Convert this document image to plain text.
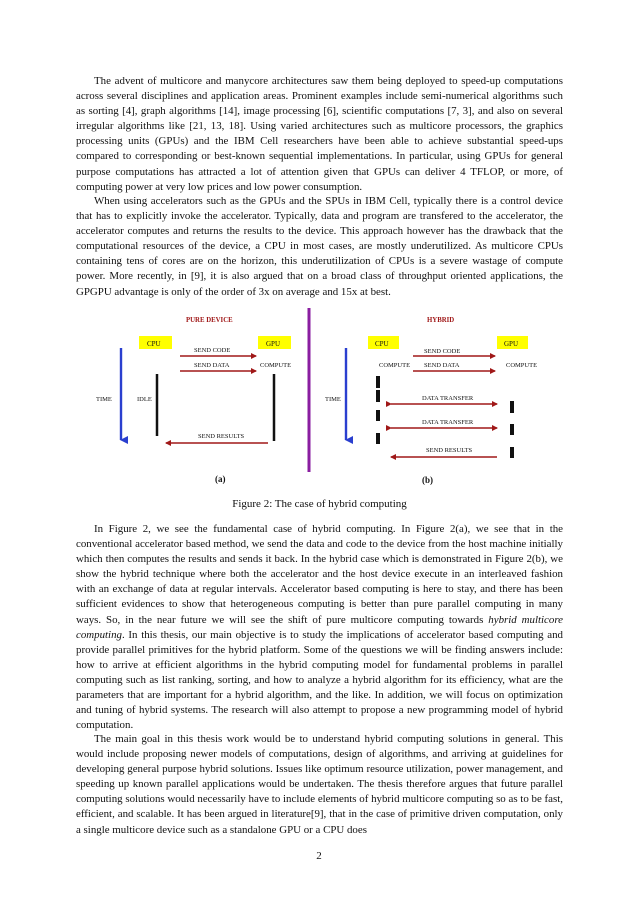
The advent of multicore and manycore architectures saw them being deployed to speed-up computations across several disciplines and application areas. Prominent examples include semi-numerical algorithms such as sorting [4], graph algorithms [14], image processing [6], scientific computations [7, 3], and also on several irregular algorithms like [21, 13, 18]. Using varied architectures such as multicore processors, the graphics processing units (GPUs) and the IBM Cell researchers have been able to achieve substantial speed-ups compared to corresponding or best-known sequential implementations. In particular, using GPUs for general purpose computations has attracted a lot of attention given that GPUs can deliver 4 TFLOP, or more, of computing power at very low prices and low power consumption.

When using accelerators such as the GPUs and the SPUs in IBM Cell, typically there is a control device that has to explicitly invoke the accelerator. Typically, data and program are transfered to the accelerator, the accelerator computes and returns the results to the device. This approach however has the drawback that the computational resources of the device, a CPU in most cases, are mostly underutilized. As multicore CPUs containing tens of cores are on the horizon, this underutilization of CPUs is a severe wastage of compute power. More recently, in [9], it is also argued that on a broad class of throughput oriented applications, the GPGPU advantage is only of the order of 3x on average and 15x at best.

PURE DEVICE
CPU	GPU
SEND CODE
SEND DATA	COMPUTE
TIME	IDLE
SEND RESULTS
(a)
HYBRID
CPU	GPU
SEND CODE
COMPUTE SEND DATA	COMPUTE
TIME	DATA TRANSFER
DATA TRANSFER
SEND RESULTS
(b)
Figure 2: The case of hybrid computing

In Figure 2, we see the fundamental case of hybrid computing. In Figure 2(a), we see that in the conventional accelerator based method, we send the data and code to the device from the host machine initially which then computes the results and sends it back. In the hybrid case which is demonstrated in Figure 2(b), we show the hybrid technique where both the accelerator and the host device execute in an interleaved fashion with an exchange of data at regular intervals. Accelerator based computing is here to stay, and there has been sufficient evidences to show that heterogeneous computing is better than pure parallel computing in many ways. So, in the near future we will see the shift of pure multicore computing towards hybrid multicore computing. In this thesis, our main objective is to study the implications of accelerator based computing and provide parallel primitives for the hybrid platform. Some of the questions we will be finding answers include: how to arrive at efficient algorithms in the hybrid computing model for fundamental problems in parallel computing such as list ranking, sorting, and how to analyze a hybrid algorithm for its efficiency, what are the parameters that are important for a hybrid algorithm, and the like. In addition, we will focus on optimization and tuning of hybrid systems. The research will also attempt to propose a new programming model of hybrid computation.

The main goal in this thesis work would be to understand hybrid computing solutions in general. This would include proposing newer models of computations, design of algorithms, and arriving at guidelines for developing general purpose hybrid solutions. Issues like optimum resource utilization, power management, and speeding up known parallel applications would be undertaken. The thesis therefore argues that future parallel computing solutions would necessarily have to include elements of hybrid multicore computing so as to be fast, efficient, and scalable. It has been argued in literature[9], that in the case of primitive driven computation, only a single multicore device such as a standalone GPU or a CPU does

2
